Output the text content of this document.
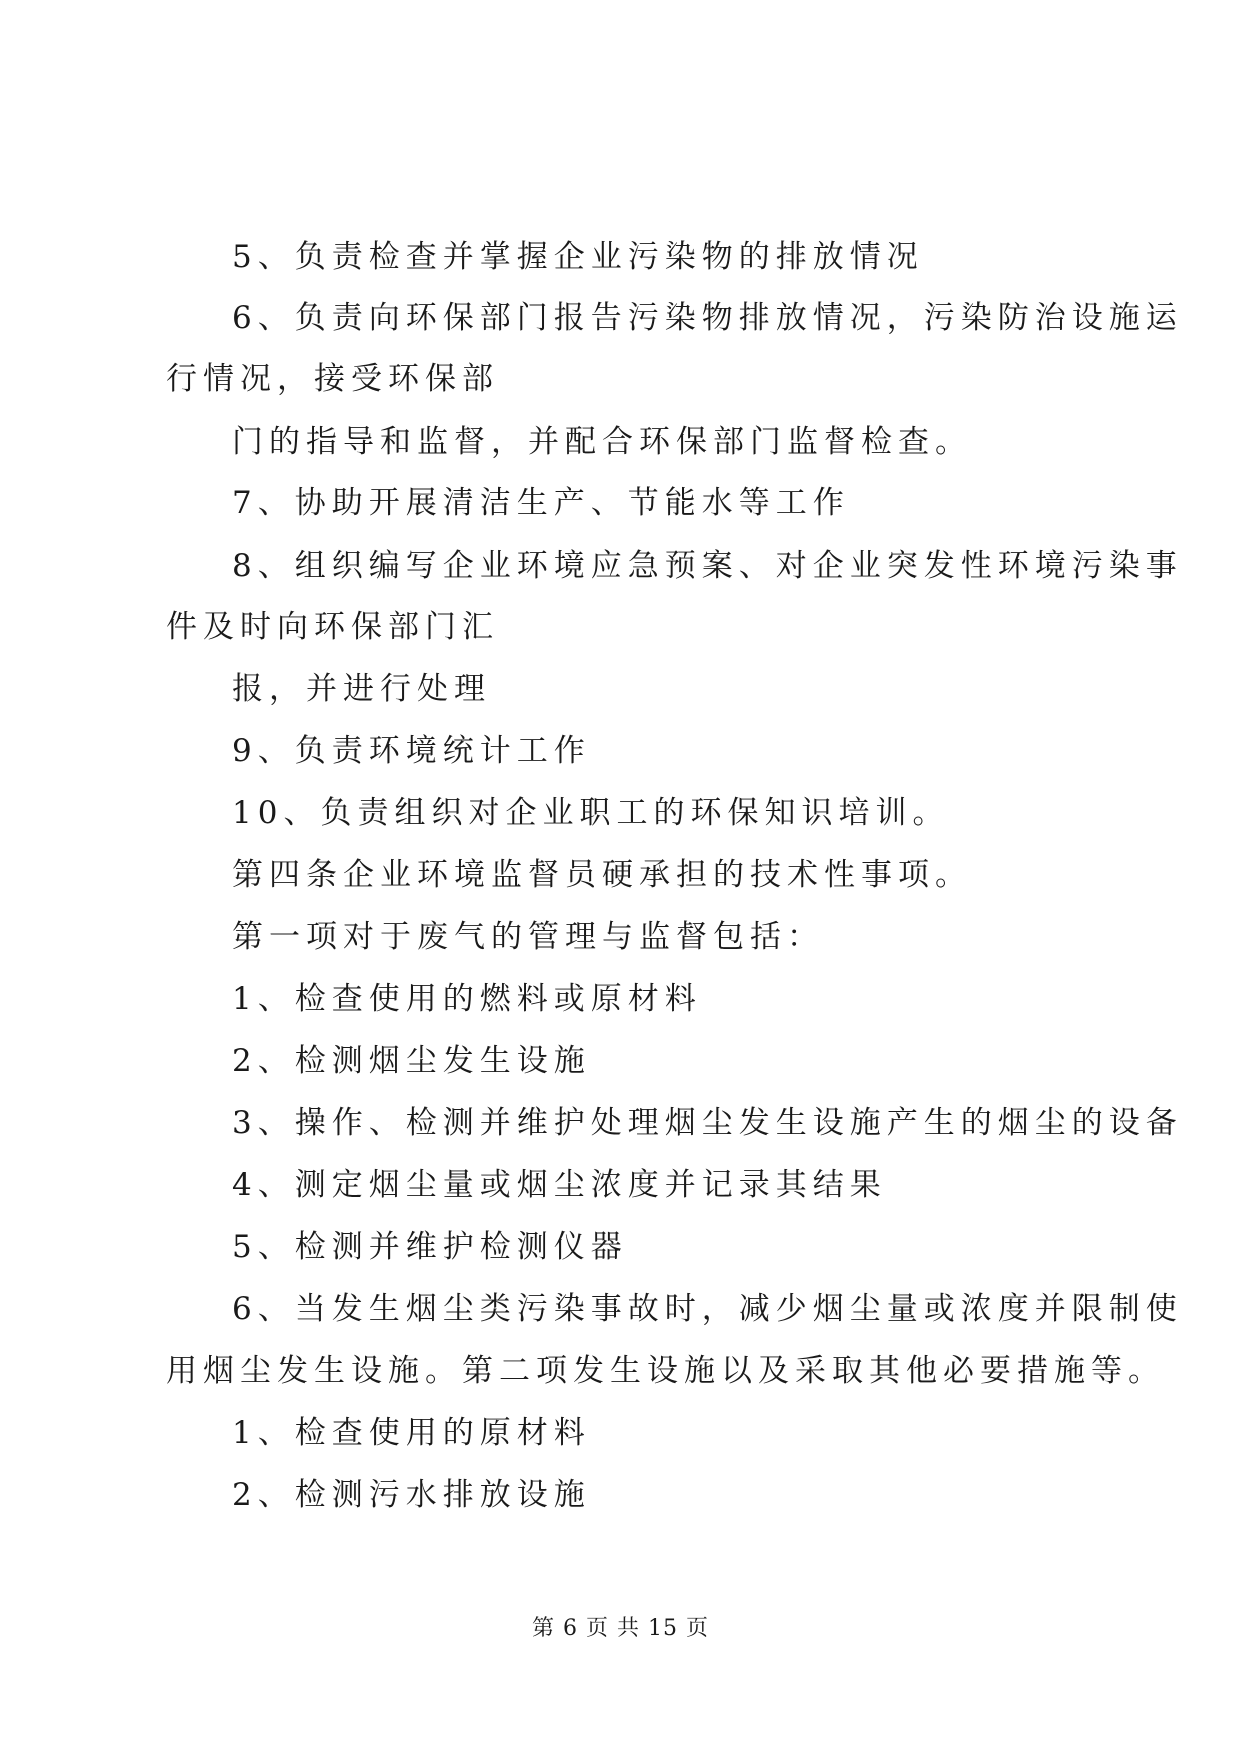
5、负责检查并掌握企业污染物的排放情况
6、负责向环保部门报告污染物排放情况，污染防治设施运
行情况，接受环保部
门的指导和监督，并配合环保部门监督检查。
7、协助开展清洁生产、节能水等工作
8、组织编写企业环境应急预案、对企业突发性环境污染事
件及时向环保部门汇
报，并进行处理
9、负责环境统计工作
10、负责组织对企业职工的环保知识培训。
第四条企业环境监督员硬承担的技术性事项。
第一项对于废气的管理与监督包括：
1、检查使用的燃料或原材料
2、检测烟尘发生设施
3、操作、检测并维护处理烟尘发生设施产生的烟尘的设备
4、测定烟尘量或烟尘浓度并记录其结果
5、检测并维护检测仪器
6、当发生烟尘类污染事故时，减少烟尘量或浓度并限制使
用烟尘发生设施。第二项发生设施以及采取其他必要措施等。
1、检查使用的原材料
2、检测污水排放设施
第 6 页 共 15 页
